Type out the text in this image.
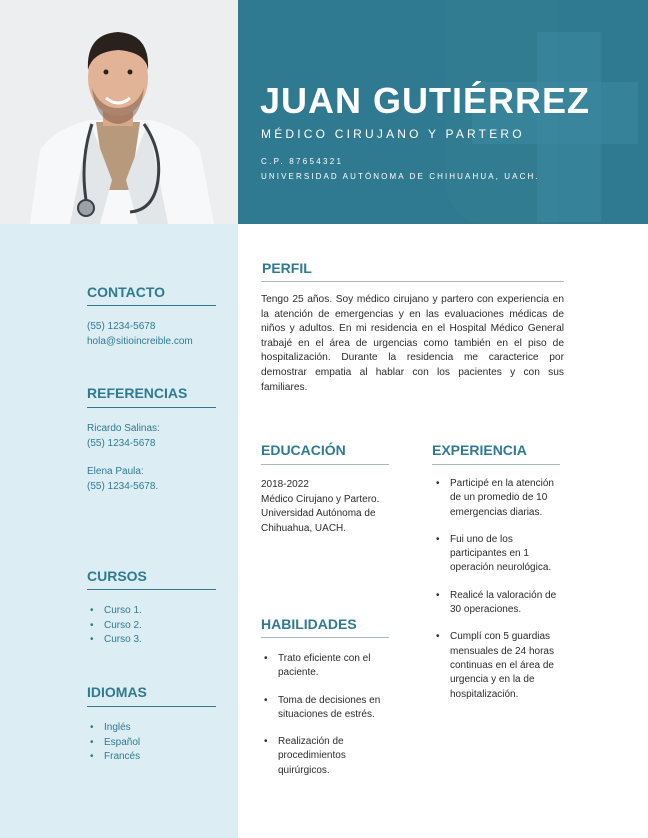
JUAN GUTIÉRREZ
MÉDICO CIRUJANO Y PARTERO
C.P. 87654321
UNIVERSIDAD AUTÓNOMA DE CHIHUAHUA, UACH.
CONTACTO
(55) 1234-5678
hola@sitioincreible.com
REFERENCIAS
Ricardo Salinas:
(55) 1234-5678
Elena Paula:
(55) 1234-5678.
CURSOS
• Curso 1.
• Curso 2.
• Curso 3.
IDIOMAS
• Inglés
• Español
• Francés
PERFIL

Tengo 25 años. Soy médico cirujano y partero con experiencia en la atención de emergencias y en las evaluaciones médicas de niños y adultos. En mi residencia en el Hospital Médico General trabajé en el área de urgencias como también en el piso de hospitalización. Durante la residencia me caracterice por demostrar empatia al hablar con los pacientes y con sus familiares.

EDUCACIÓN
2018-2022
Médico Cirujano y Partero.
Universidad Autónoma de Chihuahua, UACH.
HABILIDADES
• Trato eficiente con el paciente.
• Toma de decisiones en situaciones de estrés.
• Realización de procedimientos quirúrgicos.
EXPERIENCIA
• Participé en la atención de un promedio de 10 emergencias diarias.
• Fui uno de los participantes en 1 operación neurológica.
• Realicé la valoración de 30 operaciones.
• Cumplí con 5 guardias mensuales de 24 horas continuas en el área de urgencia y en la de hospitalización.
